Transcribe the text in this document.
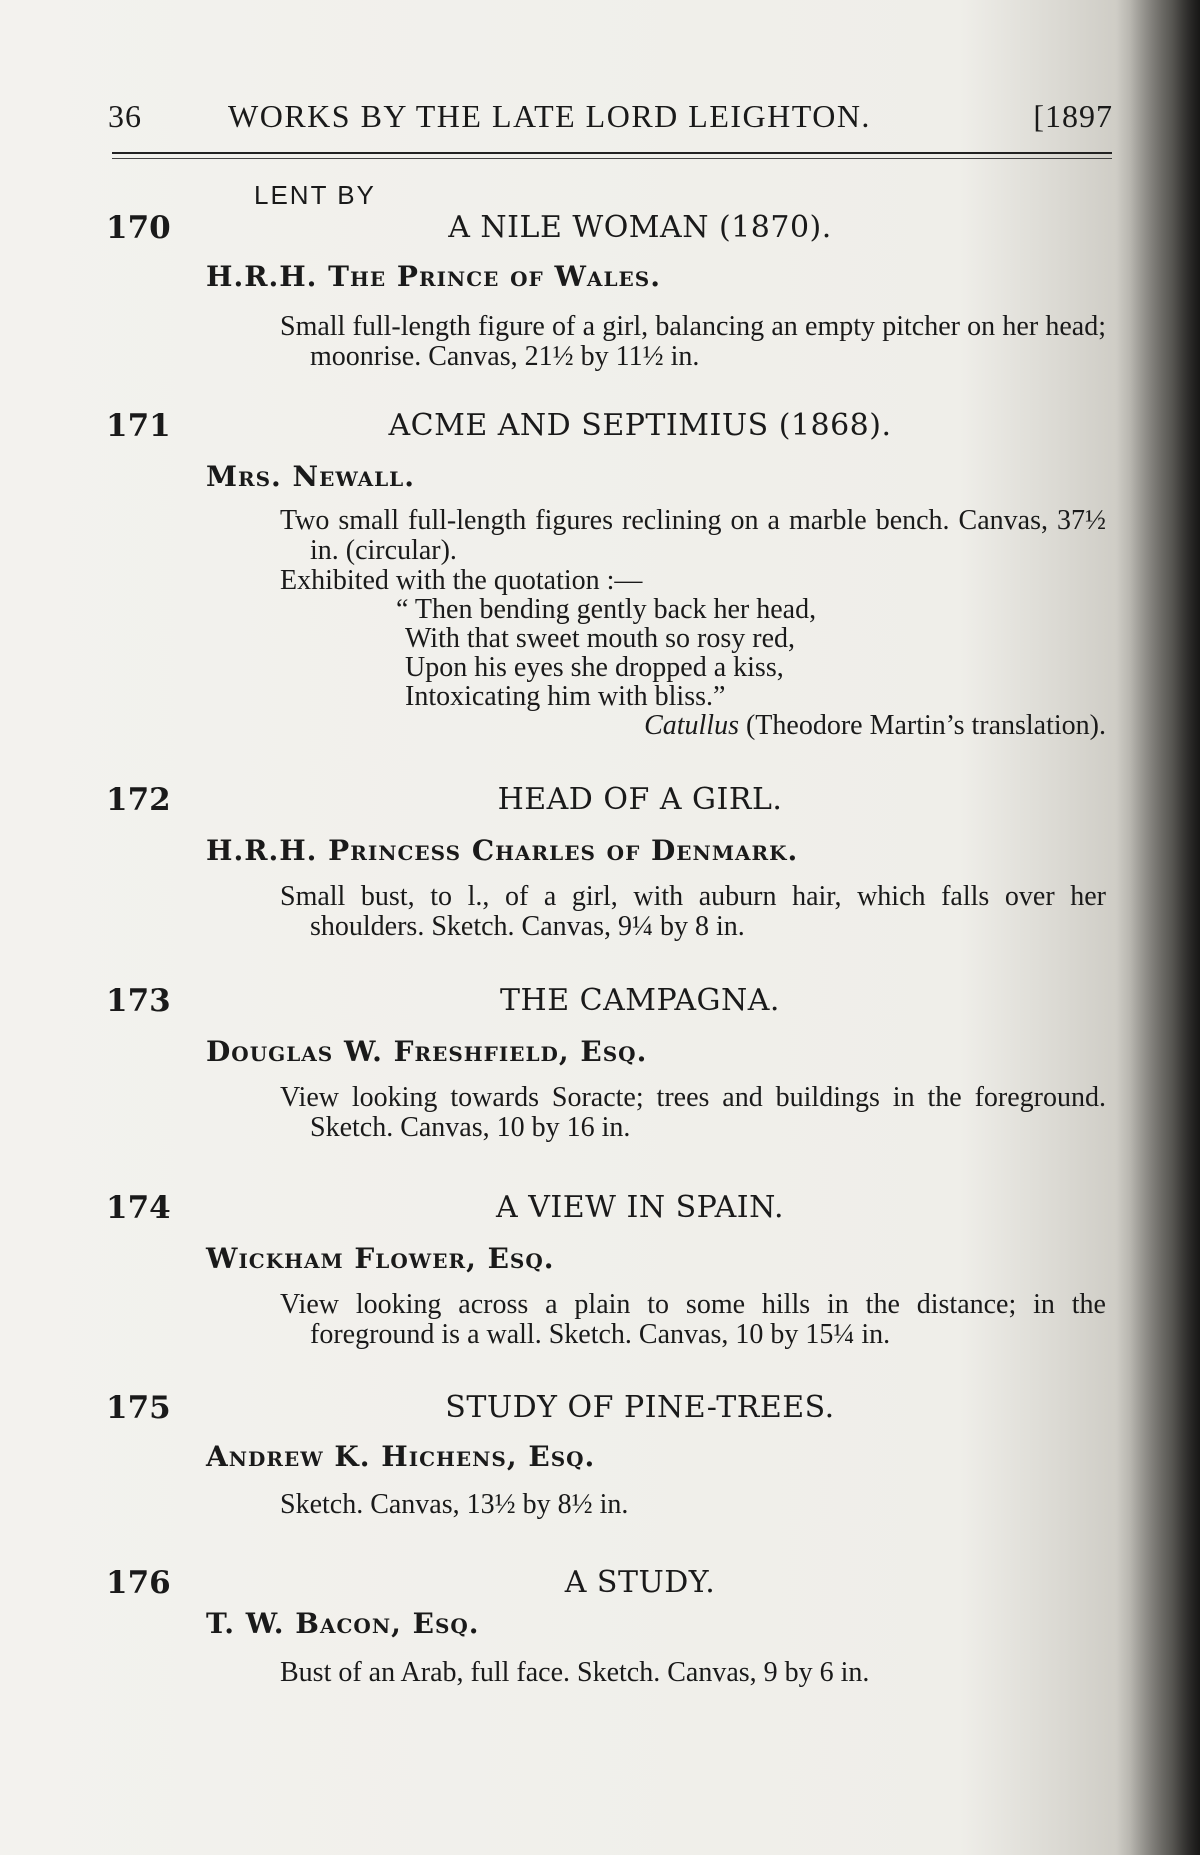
36	WORKS BY THE LATE LORD LEIGHTON.	[1897
LENT BY
170	A NILE WOMAN (1870).
H.R.H. The Prince of Wales.
Small full-length figure of a girl, balancing an empty pitcher on her head; moonrise. Canvas, 21½ by 11½ in.
171	ACME AND SEPTIMIUS (1868).
Mrs. Newall.
Two small full-length figures reclining on a marble bench. Canvas, 37½ in. (circular).
Exhibited with the quotation :—
“ Then bending gently back her head,
With that sweet mouth so rosy red,
Upon his eyes she dropped a kiss,
Intoxicating him with bliss.”
Catullus (Theodore Martin’s translation).
172	HEAD OF A GIRL.
H.R.H. Princess Charles of Denmark.
Small bust, to l., of a girl, with auburn hair, which falls over her shoulders. Sketch. Canvas, 9¼ by 8 in.
173	THE CAMPAGNA.
Douglas W. Freshfield, Esq.
View looking towards Soracte; trees and buildings in the foreground. Sketch. Canvas, 10 by 16 in.
174	A VIEW IN SPAIN.
Wickham Flower, Esq.
View looking across a plain to some hills in the distance; in the foreground is a wall. Sketch. Canvas, 10 by 15¼ in.
175	STUDY OF PINE-TREES.
Andrew K. Hichens, Esq.
Sketch. Canvas, 13½ by 8½ in.
176	A STUDY.
T. W. Bacon, Esq.
Bust of an Arab, full face. Sketch. Canvas, 9 by 6 in.
